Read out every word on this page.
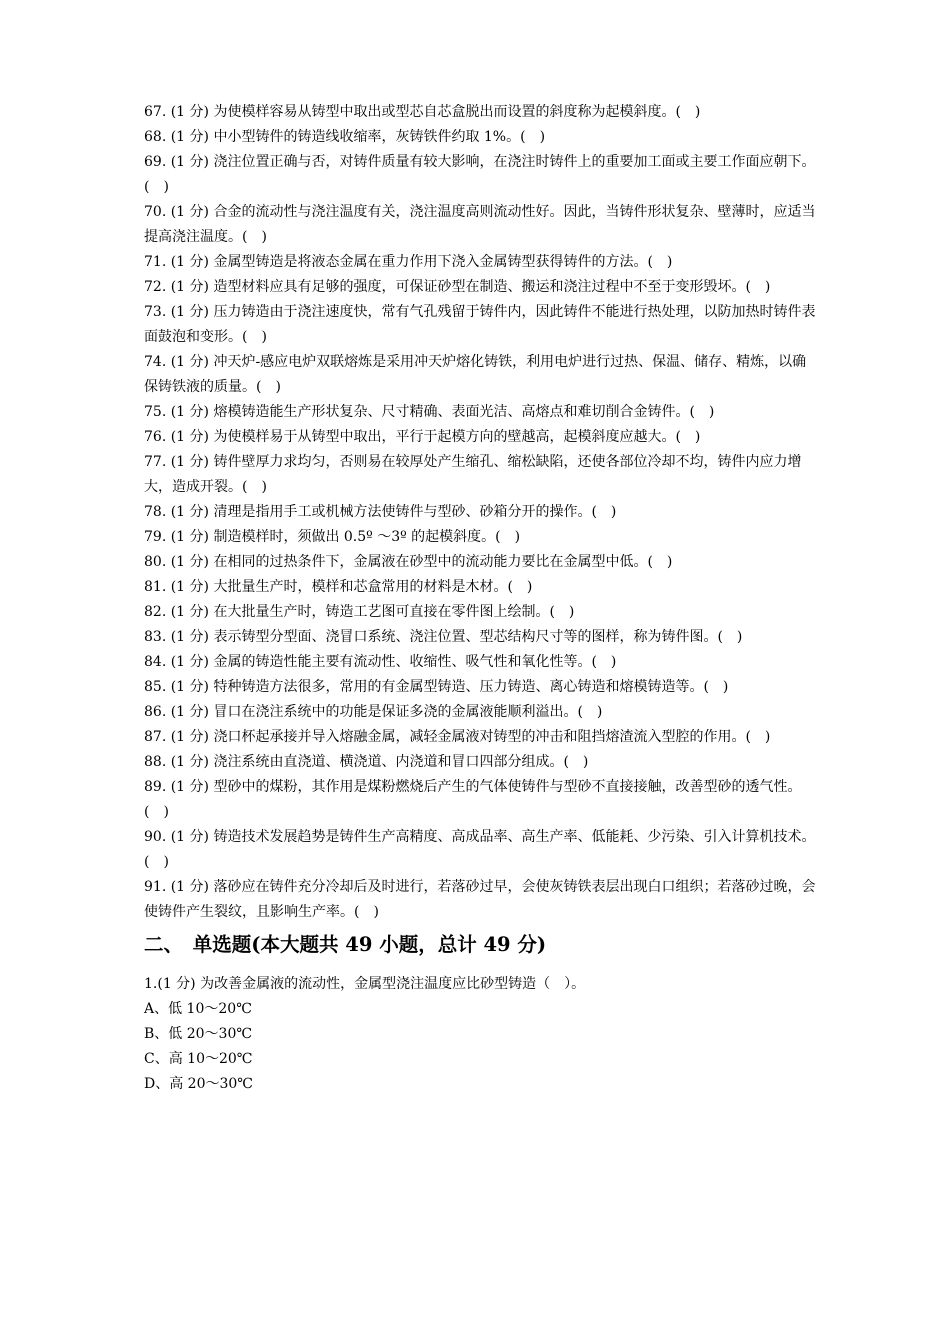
67. (1 分) 为使模样容易从铸型中取出或型芯自芯盒脱出而设置的斜度称为起模斜度。(　)

68. (1 分) 中小型铸件的铸造线收缩率，灰铸铁件约取 1%。(　)

69. (1 分) 浇注位置正确与否，对铸件质量有较大影响，在浇注时铸件上的重要加工面或主要工作面应朝下。(　)

70. (1 分) 合金的流动性与浇注温度有关，浇注温度高则流动性好。因此，当铸件形状复杂、壁薄时，应适当提高浇注温度。(　)

71. (1 分) 金属型铸造是将液态金属在重力作用下浇入金属铸型获得铸件的方法。(　)

72. (1 分) 造型材料应具有足够的强度，可保证砂型在制造、搬运和浇注过程中不至于变形毁坏。(　)

73. (1 分) 压力铸造由于浇注速度快，常有气孔残留于铸件内，因此铸件不能进行热处理，以防加热时铸件表面鼓泡和变形。(　)

74. (1 分) 冲天炉-感应电炉双联熔炼是采用冲天炉熔化铸铁，利用电炉进行过热、保温、储存、精炼，以确保铸铁液的质量。(　)

75. (1 分) 熔模铸造能生产形状复杂、尺寸精确、表面光洁、高熔点和难切削合金铸件。(　)

76. (1 分) 为使模样易于从铸型中取出，平行于起模方向的壁越高，起模斜度应越大。(　)

77. (1 分) 铸件壁厚力求均匀，否则易在较厚处产生缩孔、缩松缺陷，还使各部位冷却不均，铸件内应力增大，造成开裂。(　)

78. (1 分) 清理是指用手工或机械方法使铸件与型砂、砂箱分开的操作。(　)

79. (1 分) 制造模样时，须做出 0.5º ～3º 的起模斜度。(　)

80. (1 分) 在相同的过热条件下，金属液在砂型中的流动能力要比在金属型中低。(　)

81. (1 分) 大批量生产时，模样和芯盒常用的材料是木材。(　)

82. (1 分) 在大批量生产时，铸造工艺图可直接在零件图上绘制。(　)

83. (1 分) 表示铸型分型面、浇冒口系统、浇注位置、型芯结构尺寸等的图样，称为铸件图。(　)

84. (1 分) 金属的铸造性能主要有流动性、收缩性、吸气性和氧化性等。(　)

85. (1 分) 特种铸造方法很多，常用的有金属型铸造、压力铸造、离心铸造和熔模铸造等。(　)

86. (1 分) 冒口在浇注系统中的功能是保证多浇的金属液能顺利溢出。(　)

87. (1 分) 浇口杯起承接并导入熔融金属，减轻金属液对铸型的冲击和阻挡熔渣流入型腔的作用。(　)

88. (1 分) 浇注系统由直浇道、横浇道、内浇道和冒口四部分组成。(　)

89. (1 分) 型砂中的煤粉，其作用是煤粉燃烧后产生的气体使铸件与型砂不直接接触，改善型砂的透气性。(　)

90. (1 分) 铸造技术发展趋势是铸件生产高精度、高成品率、高生产率、低能耗、少污染、引入计算机技术。(　)

91. (1 分) 落砂应在铸件充分冷却后及时进行，若落砂过早，会使灰铸铁表层出现白口组织；若落砂过晚，会使铸件产生裂纹，且影响生产率。(　)

二、　单选题(本大题共 49 小题，总计 49 分)

1.(1 分) 为改善金属液的流动性，金属型浇注温度应比砂型铸造（　）。

A、低 10～20℃

B、低 20～30℃

C、高 10～20℃

D、高 20～30℃
